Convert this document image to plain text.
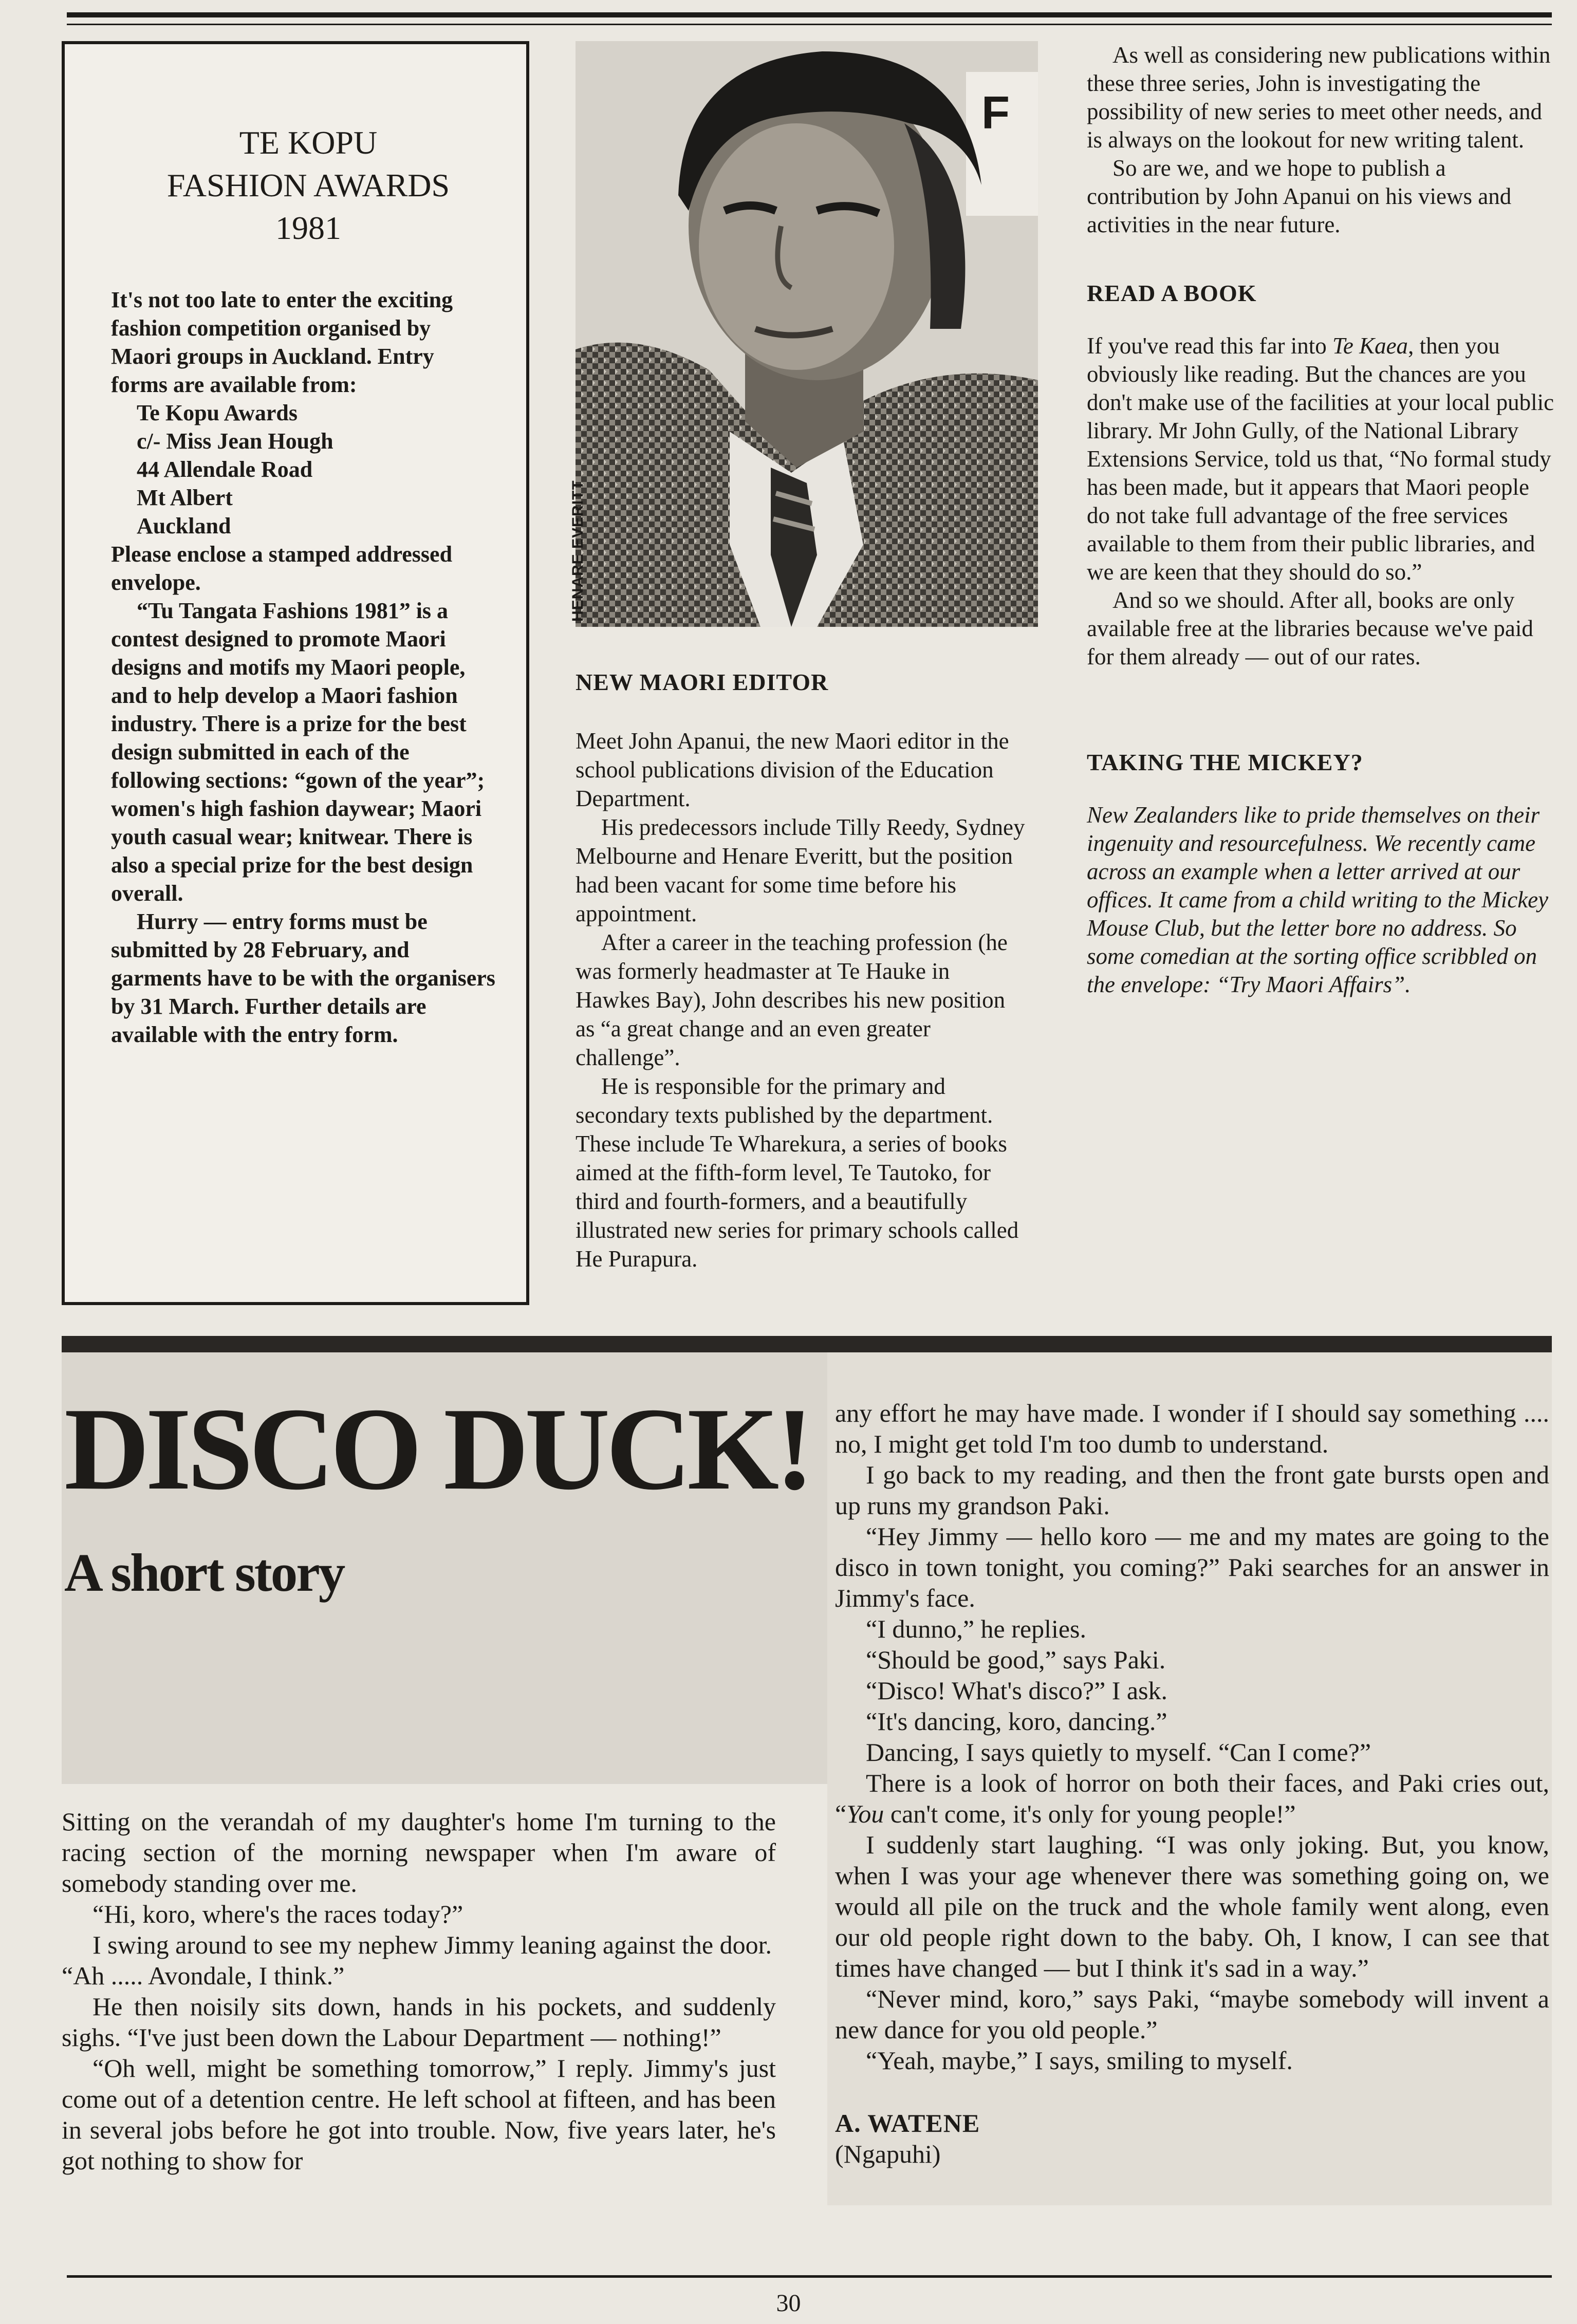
TE KOPU
FASHION AWARDS
1981

It's not too late to enter the exciting fashion competition organised by Maori groups in Auckland. Entry forms are available from:

Te Kopu Awards

c/- Miss Jean Hough

44 Allendale Road

Mt Albert

Auckland

Please enclose a stamped addressed envelope.

“Tu Tangata Fashions 1981” is a contest designed to promote Maori designs and motifs my Maori people, and to help develop a Maori fashion industry. There is a prize for the best design submitted in each of the following sections: “gown of the year”; women's high fashion daywear; Maori youth casual wear; knitwear. There is also a special prize for the best design overall.

Hurry — entry forms must be submitted by 28 February, and garments have to be with the organisers by 31 March. Further details are available with the entry form.

F
HENARE EVERITT
NEW MAORI EDITOR

Meet John Apanui, the new Maori editor in the school publications division of the Education Department.

His predecessors include Tilly Reedy, Sydney Melbourne and Henare Everitt, but the position had been vacant for some time before his appointment.

After a career in the teaching profession (he was formerly headmaster at Te Hauke in Hawkes Bay), John describes his new position as “a great change and an even greater challenge”.

He is responsible for the primary and secondary texts published by the department. These include Te Wharekura, a series of books aimed at the fifth-form level, Te Tautoko, for third and fourth-formers, and a beautifully illustrated new series for primary schools called He Purapura.

As well as considering new publications within these three series, John is investigating the possibility of new series to meet other needs, and is always on the lookout for new writing talent.

So are we, and we hope to publish a contribution by John Apanui on his views and activities in the near future.

READ A BOOK

If you've read this far into Te Kaea, then you obviously like reading. But the chances are you don't make use of the facilities at your local public library. Mr John Gully, of the National Library Extensions Service, told us that, “No formal study has been made, but it appears that Maori people do not take full advantage of the free services available to them from their public libraries, and we are keen that they should do so.”

And so we should. After all, books are only available free at the libraries because we've paid for them already — out of our rates.

TAKING THE MICKEY?

New Zealanders like to pride themselves on their ingenuity and resourcefulness. We recently came across an example when a letter arrived at our offices. It came from a child writing to the Mickey Mouse Club, but the letter bore no address. So some comedian at the sorting office scribbled on the envelope: “Try Maori Affairs”.

DISCO DUCK!
A short story

Sitting on the verandah of my daughter's home I'm turning to the racing section of the morning newspaper when I'm aware of somebody standing over me.

“Hi, koro, where's the races today?”

I swing around to see my nephew Jimmy leaning against the door.

“Ah ..... Avondale, I think.”

He then noisily sits down, hands in his pockets, and suddenly sighs. “I've just been down the Labour Department — nothing!”

“Oh well, might be something tomorrow,” I reply. Jimmy's just come out of a detention centre. He left school at fifteen, and has been in several jobs before he got into trouble. Now, five years later, he's got nothing to show for

any effort he may have made. I wonder if I should say something .... no, I might get told I'm too dumb to understand.

I go back to my reading, and then the front gate bursts open and up runs my grandson Paki.

“Hey Jimmy — hello koro — me and my mates are going to the disco in town tonight, you coming?” Paki searches for an answer in Jimmy's face.

“I dunno,” he replies.

“Should be good,” says Paki.

“Disco! What's disco?” I ask.

“It's dancing, koro, dancing.”

Dancing, I says quietly to myself. “Can I come?”

There is a look of horror on both their faces, and Paki cries out, “You can't come, it's only for young people!”

I suddenly start laughing. “I was only joking. But, you know, when I was your age whenever there was something going on, we would all pile on the truck and the whole family went along, even our old people right down to the baby. Oh, I know, I can see that times have changed — but I think it's sad in a way.”

“Never mind, koro,” says Paki, “maybe somebody will invent a new dance for you old people.”

“Yeah, maybe,” I says, smiling to myself.

A. WATENE

(Ngapuhi)

30
